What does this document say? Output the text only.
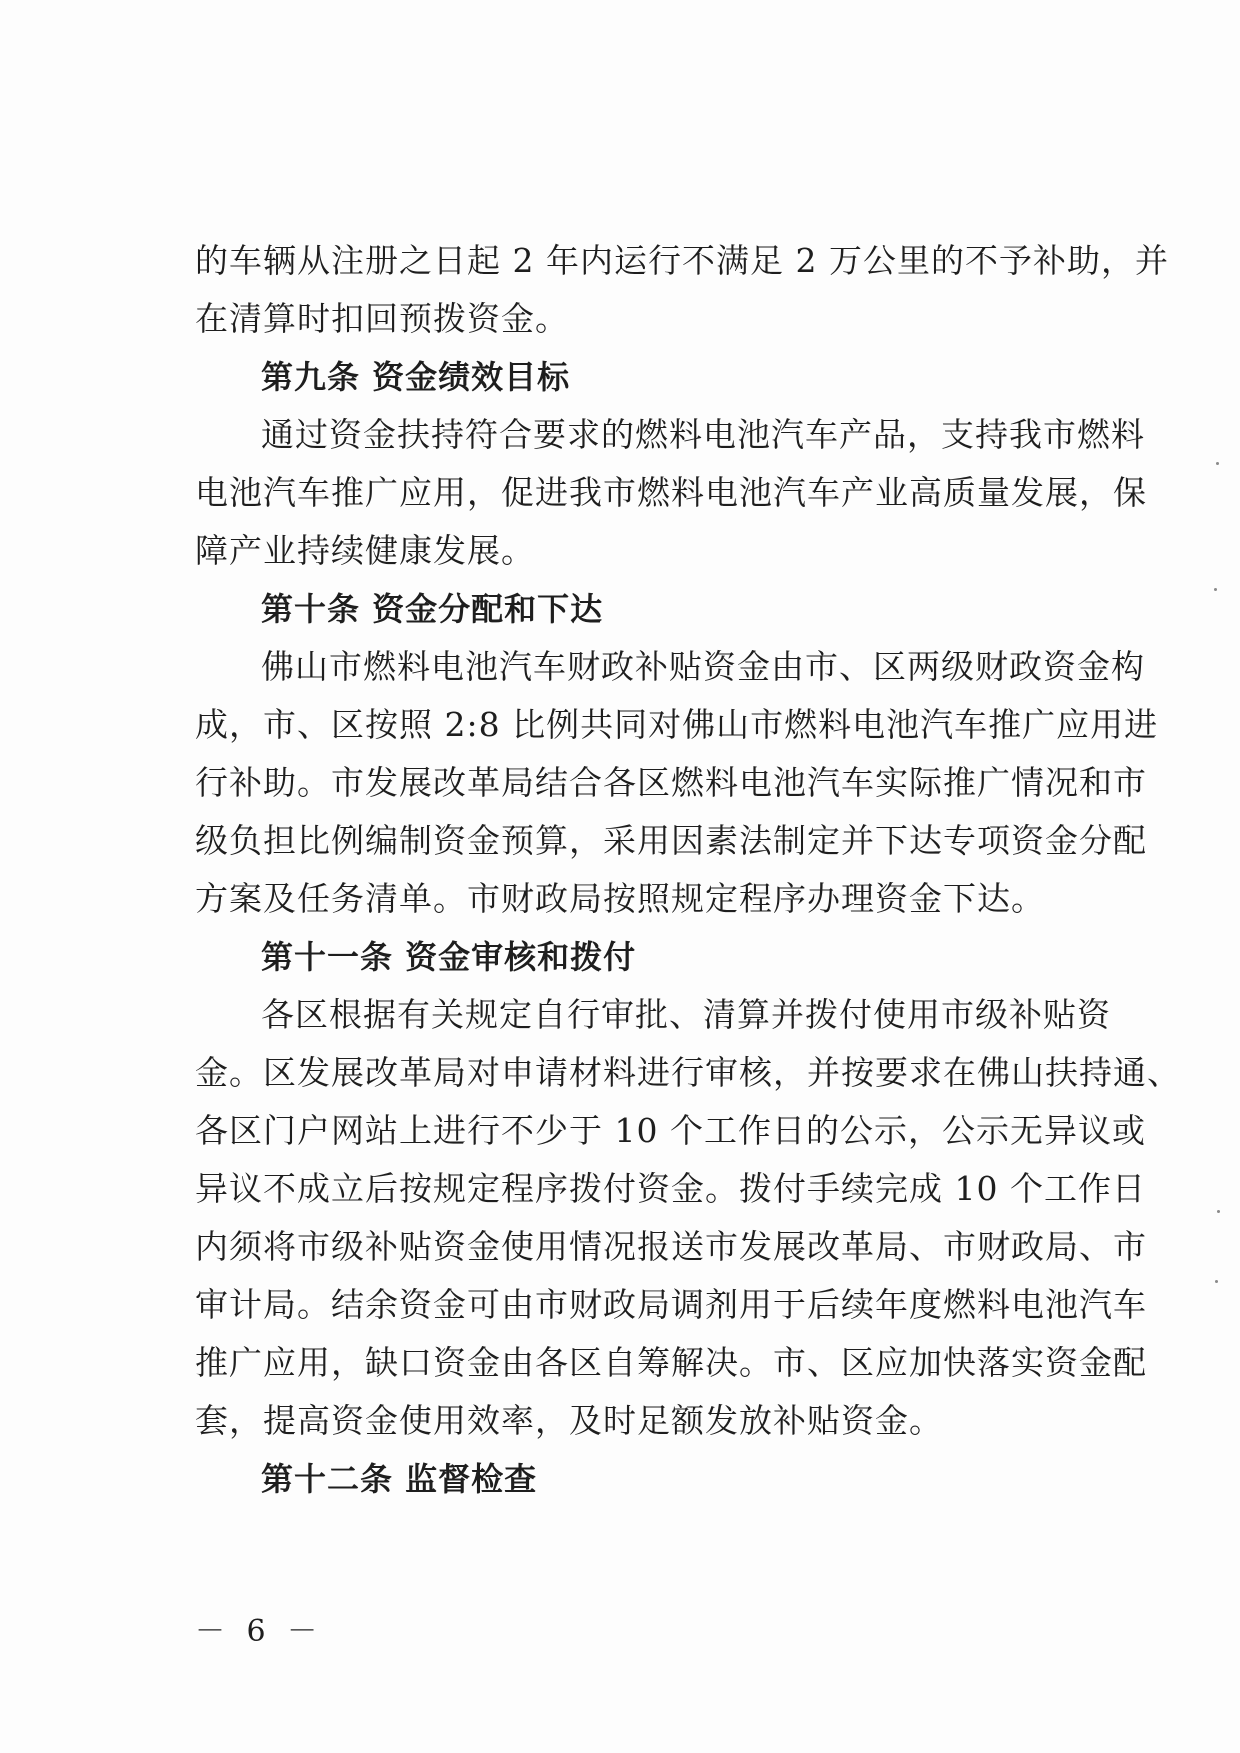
的车辆从注册之日起 2 年内运行不满足 2 万公里的不予补助，并
在清算时扣回预拨资金。
第九条 资金绩效目标
通过资金扶持符合要求的燃料电池汽车产品，支持我市燃料
电池汽车推广应用，促进我市燃料电池汽车产业高质量发展，保
障产业持续健康发展。
第十条 资金分配和下达
佛山市燃料电池汽车财政补贴资金由市、区两级财政资金构
成，市、区按照 2:8 比例共同对佛山市燃料电池汽车推广应用进
行补助。市发展改革局结合各区燃料电池汽车实际推广情况和市
级负担比例编制资金预算，采用因素法制定并下达专项资金分配
方案及任务清单。市财政局按照规定程序办理资金下达。
第十一条 资金审核和拨付
各区根据有关规定自行审批、清算并拨付使用市级补贴资
金。区发展改革局对申请材料进行审核，并按要求在佛山扶持通、
各区门户网站上进行不少于 10 个工作日的公示，公示无异议或
异议不成立后按规定程序拨付资金。拨付手续完成 10 个工作日
内须将市级补贴资金使用情况报送市发展改革局、市财政局、市
审计局。结余资金可由市财政局调剂用于后续年度燃料电池汽车
推广应用，缺口资金由各区自筹解决。市、区应加快落实资金配
套，提高资金使用效率，及时足额发放补贴资金。
第十二条 监督检查
－ 6 －
